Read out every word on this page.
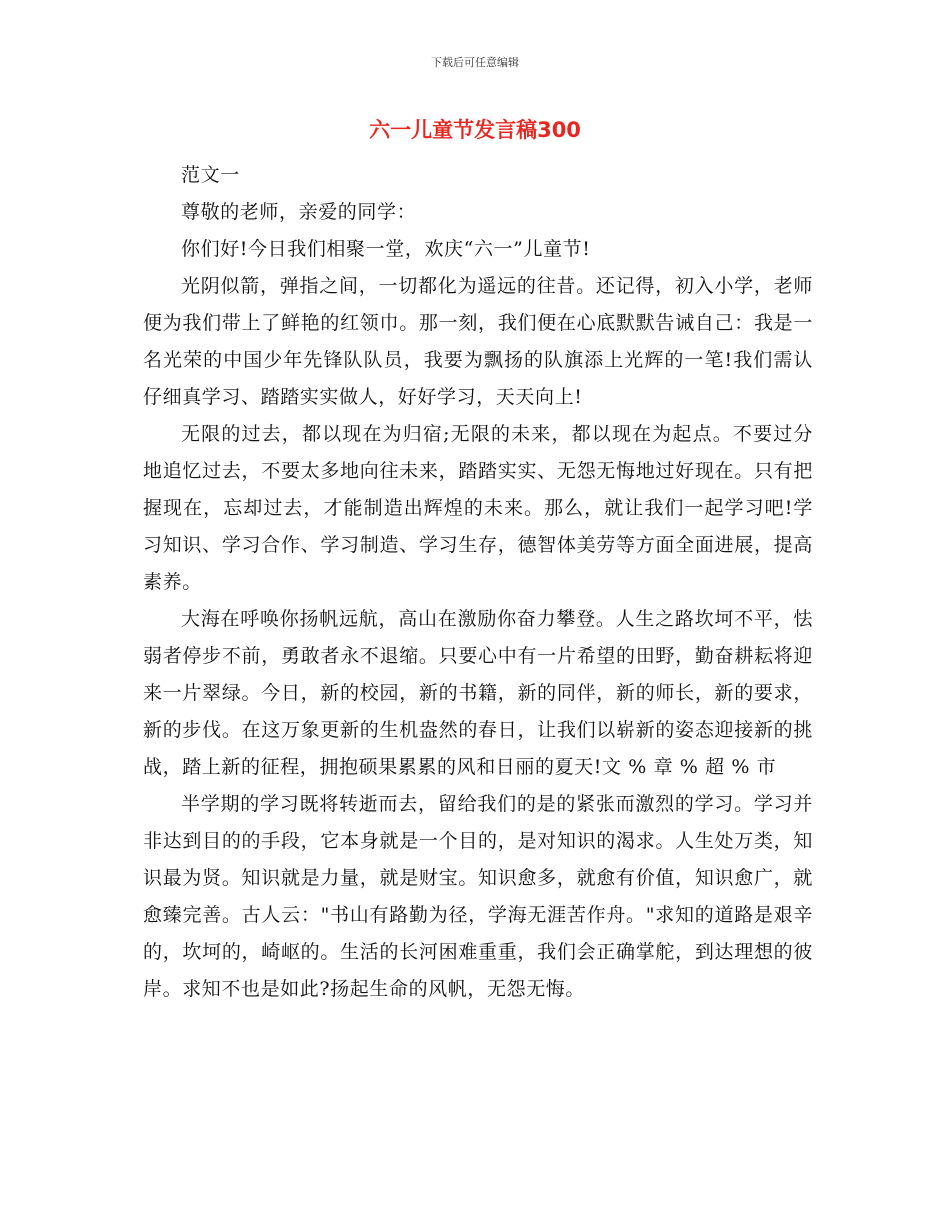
下载后可任意编辑
六一儿童节发言稿300

范文一

尊敬的老师，亲爱的同学：

你们好!今日我们相聚一堂，欢庆“六一”儿童节!

光阴似箭，弹指之间，一切都化为遥远的往昔。还记得，初入小学，老师便为我们带上了鲜艳的红领巾。那一刻，我们便在心底默默告诫自己：我是一名光荣的中国少年先锋队队员，我要为飘扬的队旗添上光辉的一笔!我们需认仔细真学习、踏踏实实做人，好好学习，天天向上!

无限的过去，都以现在为归宿;无限的未来，都以现在为起点。不要过分地追忆过去，不要太多地向往未来，踏踏实实、无怨无悔地过好现在。只有把握现在，忘却过去，才能制造出辉煌的未来。那么，就让我们一起学习吧!学习知识、学习合作、学习制造、学习生存，德智体美劳等方面全面进展，提高素养。

大海在呼唤你扬帆远航，高山在激励你奋力攀登。人生之路坎坷不平，怯弱者停步不前，勇敢者永不退缩。只要心中有一片希望的田野，勤奋耕耘将迎来一片翠绿。今日，新的校园，新的书籍，新的同伴，新的师长，新的要求，新的步伐。在这万象更新的生机盎然的春日，让我们以崭新的姿态迎接新的挑战，踏上新的征程，拥抱硕果累累的风和日丽的夏天!文 % 章 % 超 % 市

半学期的学习既将转逝而去，留给我们的是的紧张而激烈的学习。学习并非达到目的的手段，它本身就是一个目的，是对知识的渴求。人生处万类，知识最为贤。知识就是力量，就是财宝。知识愈多，就愈有价值，知识愈广，就愈臻完善。古人云："书山有路勤为径，学海无涯苦作舟。"求知的道路是艰辛的，坎坷的，崎岖的。生活的长河困难重重，我们会正确掌舵，到达理想的彼岸。求知不也是如此?扬起生命的风帆，无怨无悔。
